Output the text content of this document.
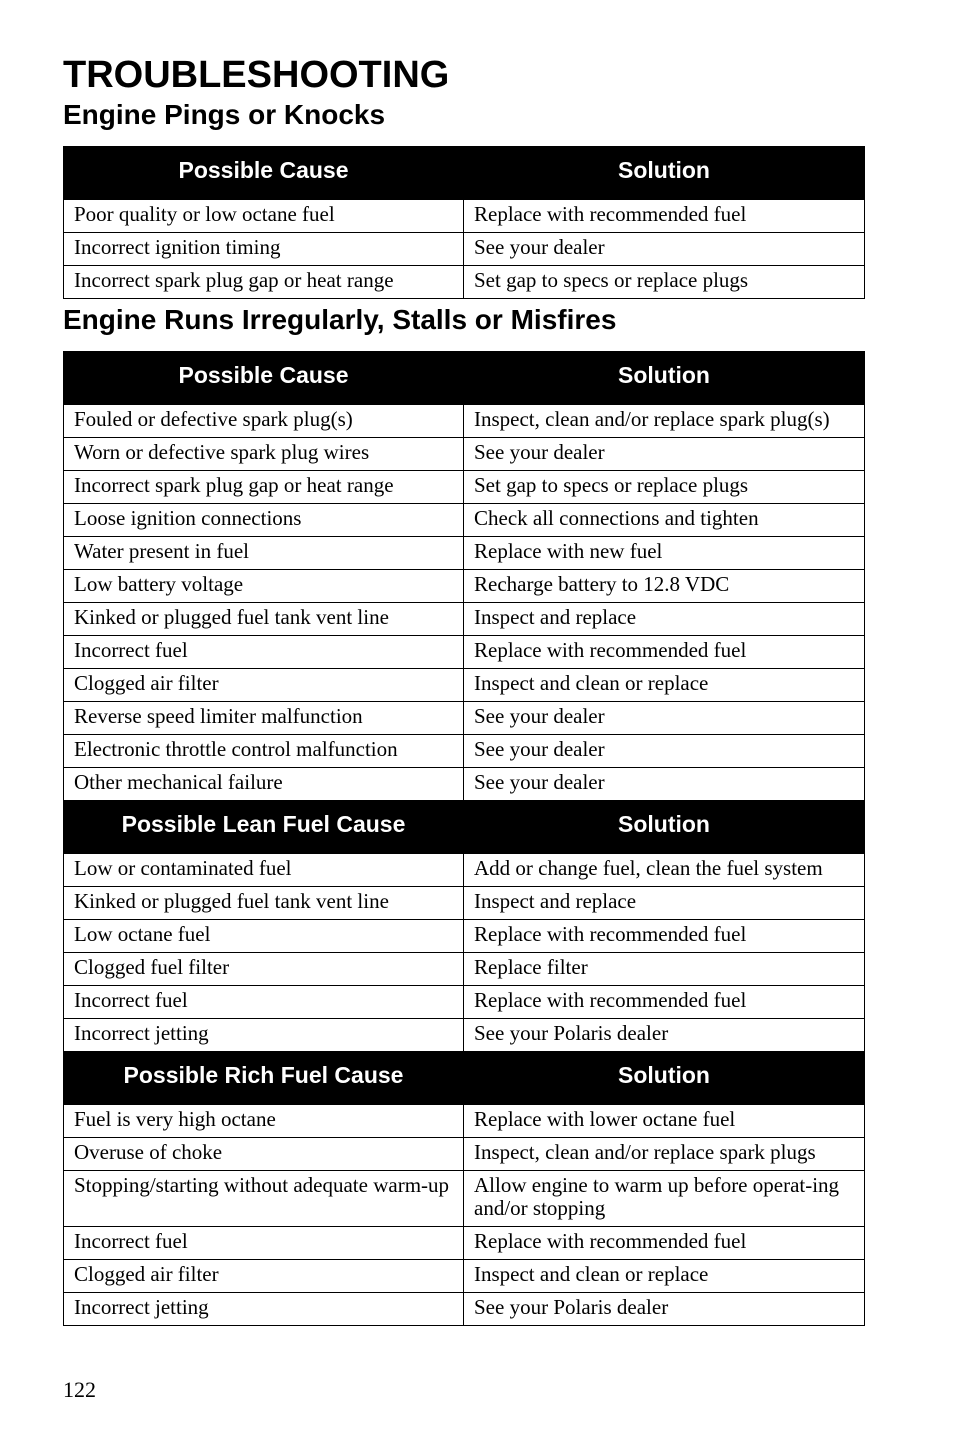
TROUBLESHOOTING
Engine Pings or Knocks
Possible Cause	Solution
Poor quality or low octane fuel	Replace with recommended fuel
Incorrect ignition timing	See your dealer
Incorrect spark plug gap or heat range	Set gap to specs or replace plugs
Engine Runs Irregularly, Stalls or Misfires
Possible Cause	Solution
Fouled or defective spark plug(s)	Inspect, clean and/or replace spark plug(s)
Worn or defective spark plug wires	See your dealer
Incorrect spark plug gap or heat range	Set gap to specs or replace plugs
Loose ignition connections	Check all connections and tighten
Water present in fuel	Replace with new fuel
Low battery voltage	Recharge battery to 12.8 VDC
Kinked or plugged fuel tank vent line	Inspect and replace
Incorrect fuel	Replace with recommended fuel
Clogged air filter	Inspect and clean or replace
Reverse speed limiter malfunction	See your dealer
Electronic throttle control malfunction	See your dealer
Other mechanical failure	See your dealer
Possible Lean Fuel Cause	Solution
Low or contaminated fuel	Add or change fuel, clean the fuel system
Kinked or plugged fuel tank vent line	Inspect and replace
Low octane fuel	Replace with recommended fuel
Clogged fuel filter	Replace filter
Incorrect fuel	Replace with recommended fuel
Incorrect jetting	See your Polaris dealer
Possible Rich Fuel Cause	Solution
Fuel is very high octane	Replace with lower octane fuel
Overuse of choke	Inspect, clean and/or replace spark plugs
Stopping/starting without adequate warm-up	Allow engine to warm up before operat-ing and/or stopping
Incorrect fuel	Replace with recommended fuel
Clogged air filter	Inspect and clean or replace
Incorrect jetting	See your Polaris dealer
122
